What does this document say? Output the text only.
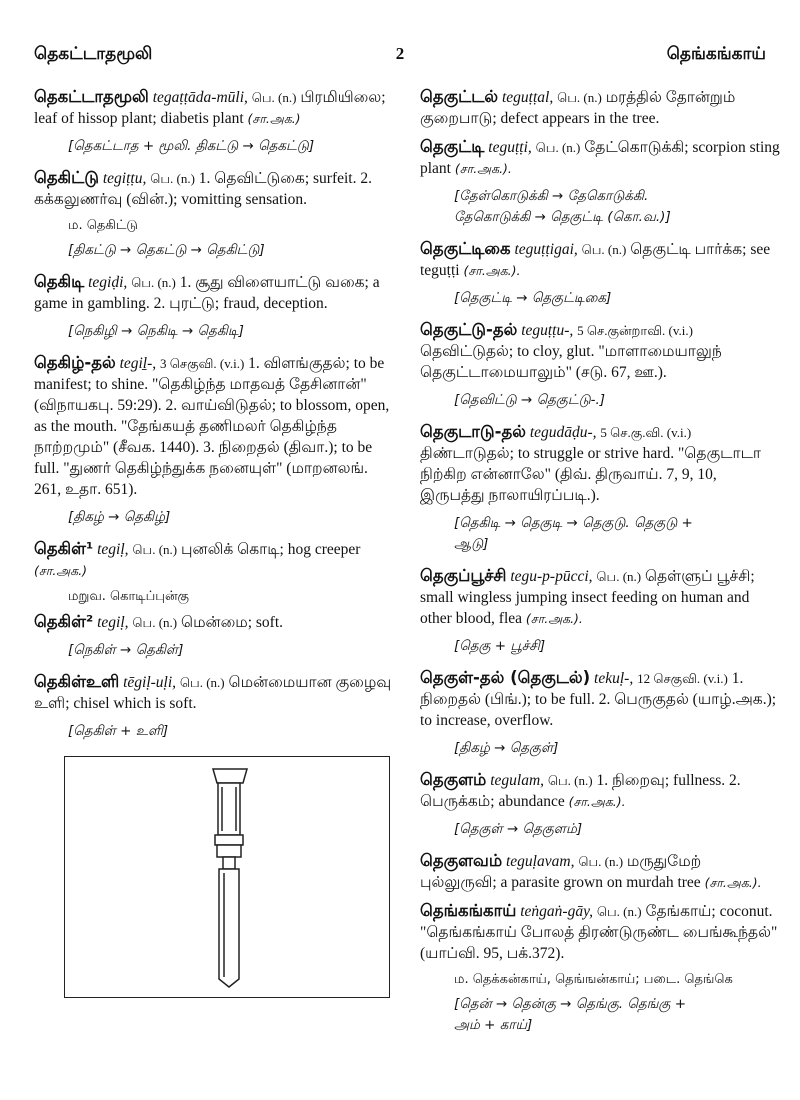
தெகட்டாதமூலி	2	தெங்கங்காய்
தெகட்டாதமூலி tegaṭṭāda-mūli, பெ. (n.) பிரமியிலை; leaf of hissop plant; diabetis plant (சா.அக.)
[தெகட்டாத + மூலி. திகட்டு → தெகட்டு]
தெகிட்டு tegiṭṭu, பெ. (n.) 1. தெவிட்டுகை; surfeit. 2. கக்கலுணர்வு (வின்.); vomitting sensation.
ம. தெகிட்டு
[திகட்டு → தெகட்டு → தெகிட்டு]
தெகிடி tegiḍi, பெ. (n.) 1. சூது விளையாட்டு வகை; a game in gambling. 2. புரட்டு; fraud, deception.
[நெகிழி → நெகிடி → தெகிடி]
தெகிழ்-தல் tegiḻ-, 3 செகுவி. (v.i.) 1. விளங்குதல்; to be manifest; to shine. "தெகிழ்ந்த மாதவத் தேசினான்" (விநாயகபு. 59:29). 2. வாய்விடுதல்; to blossom, open, as the mouth. "தேங்கயத் தணிமலர் தெகிழ்ந்த நாற்றமும்" (சீவக. 1440). 3. நிறைதல் (திவா.); to be full. "துணர் தெகிழ்ந்துக்க நனையுள்" (மாறனலங். 261, உதா. 651).
[திகழ் → தெகிழ்]
தெகிள்¹ tegiḷ, பெ. (n.) புனலிக் கொடி; hog creeper (சா.அக.)
மறுவ. கொடிப்புன்கு
தெகிள்² tegiḷ, பெ. (n.) மென்மை; soft.
[நெகிள் → தெகிள்]
தெகிள்உளி tēgiḷ-uḷi, பெ. (n.) மென்மையான குழைவு உளி; chisel which is soft.
[தெகிள் + உளி]
தெகுட்டல் teguṭṭal, பெ. (n.) மரத்தில் தோன்றும் குறைபாடு; defect appears in the tree.
தெகுட்டி teguṭṭi, பெ. (n.) தேட்கொடுக்கி; scorpion sting plant (சா.அக.).
[தேள்கொடுக்கி → தேகொடுக்கி.
தேகொடுக்கி → தெகுட்டி (கொ.வ.)]
தெகுட்டிகை teguṭṭigai, பெ. (n.) தெகுட்டி பார்க்க; see teguṭṭi (சா.அக.).
[தெகுட்டி → தெகுட்டிகை]
தெகுட்டு-தல் teguṭṭu-, 5 செ.குன்றாவி. (v.i.) தெவிட்டுதல்; to cloy, glut. "மாளாமையாலுந் தெகுட்டாமையாலும்" (சடு. 67, ஊ.).
[தெவிட்டு → தெகுட்டு-.]
தெகுடாடு-தல் tegudāḍu-, 5 செ.கு.வி. (v.i.) திண்டாடுதல்; to struggle or strive hard. "தெகுடாடா நிற்கிற என்னாலே" (திவ். திருவாய். 7, 9, 10, இருபத்து நாலாயிரப்படி.).
[தெகிடி → தெகுடி → தெகுடு. தெகுடு +
ஆடு]
தெகுப்பூச்சி tegu-p-pūcci, பெ. (n.) தெள்ளுப் பூச்சி; small wingless jumping insect feeding on human and other blood, flea (சா.அக.).
[தெகு + பூச்சி]
தெகுள்-தல் (தெகுடல்) tekuḷ-, 12 செகுவி. (v.i.) 1. நிறைதல் (பிங்.); to be full. 2. பெருகுதல் (யாழ்.அக.); to increase, overflow.
[திகழ் → தெகுள்]
தெகுளம் tegulam, பெ. (n.) 1. நிறைவு; fullness. 2. பெருக்கம்; abundance (சா.அக.).
[தெகுள் → தெகுளம்]
தெகுளவம் teguḷavam, பெ. (n.) மருதுமேற் புல்லுருவி; a parasite grown on murdah tree (சா.அக.).
தெங்கங்காய் teṅgaṅ-gāy, பெ. (n.) தேங்காய்; coconut. "தெங்கங்காய் போலத் திரண்டுருண்ட பைங்கூந்தல்" (யாப்வி. 95, பக்.372).
ம. தெக்கன்காய், தெங்ஙன்காய்; படை. தெங்கெ
[தென் → தென்கு → தெங்கு. தெங்கு +
அம் + காய்]
